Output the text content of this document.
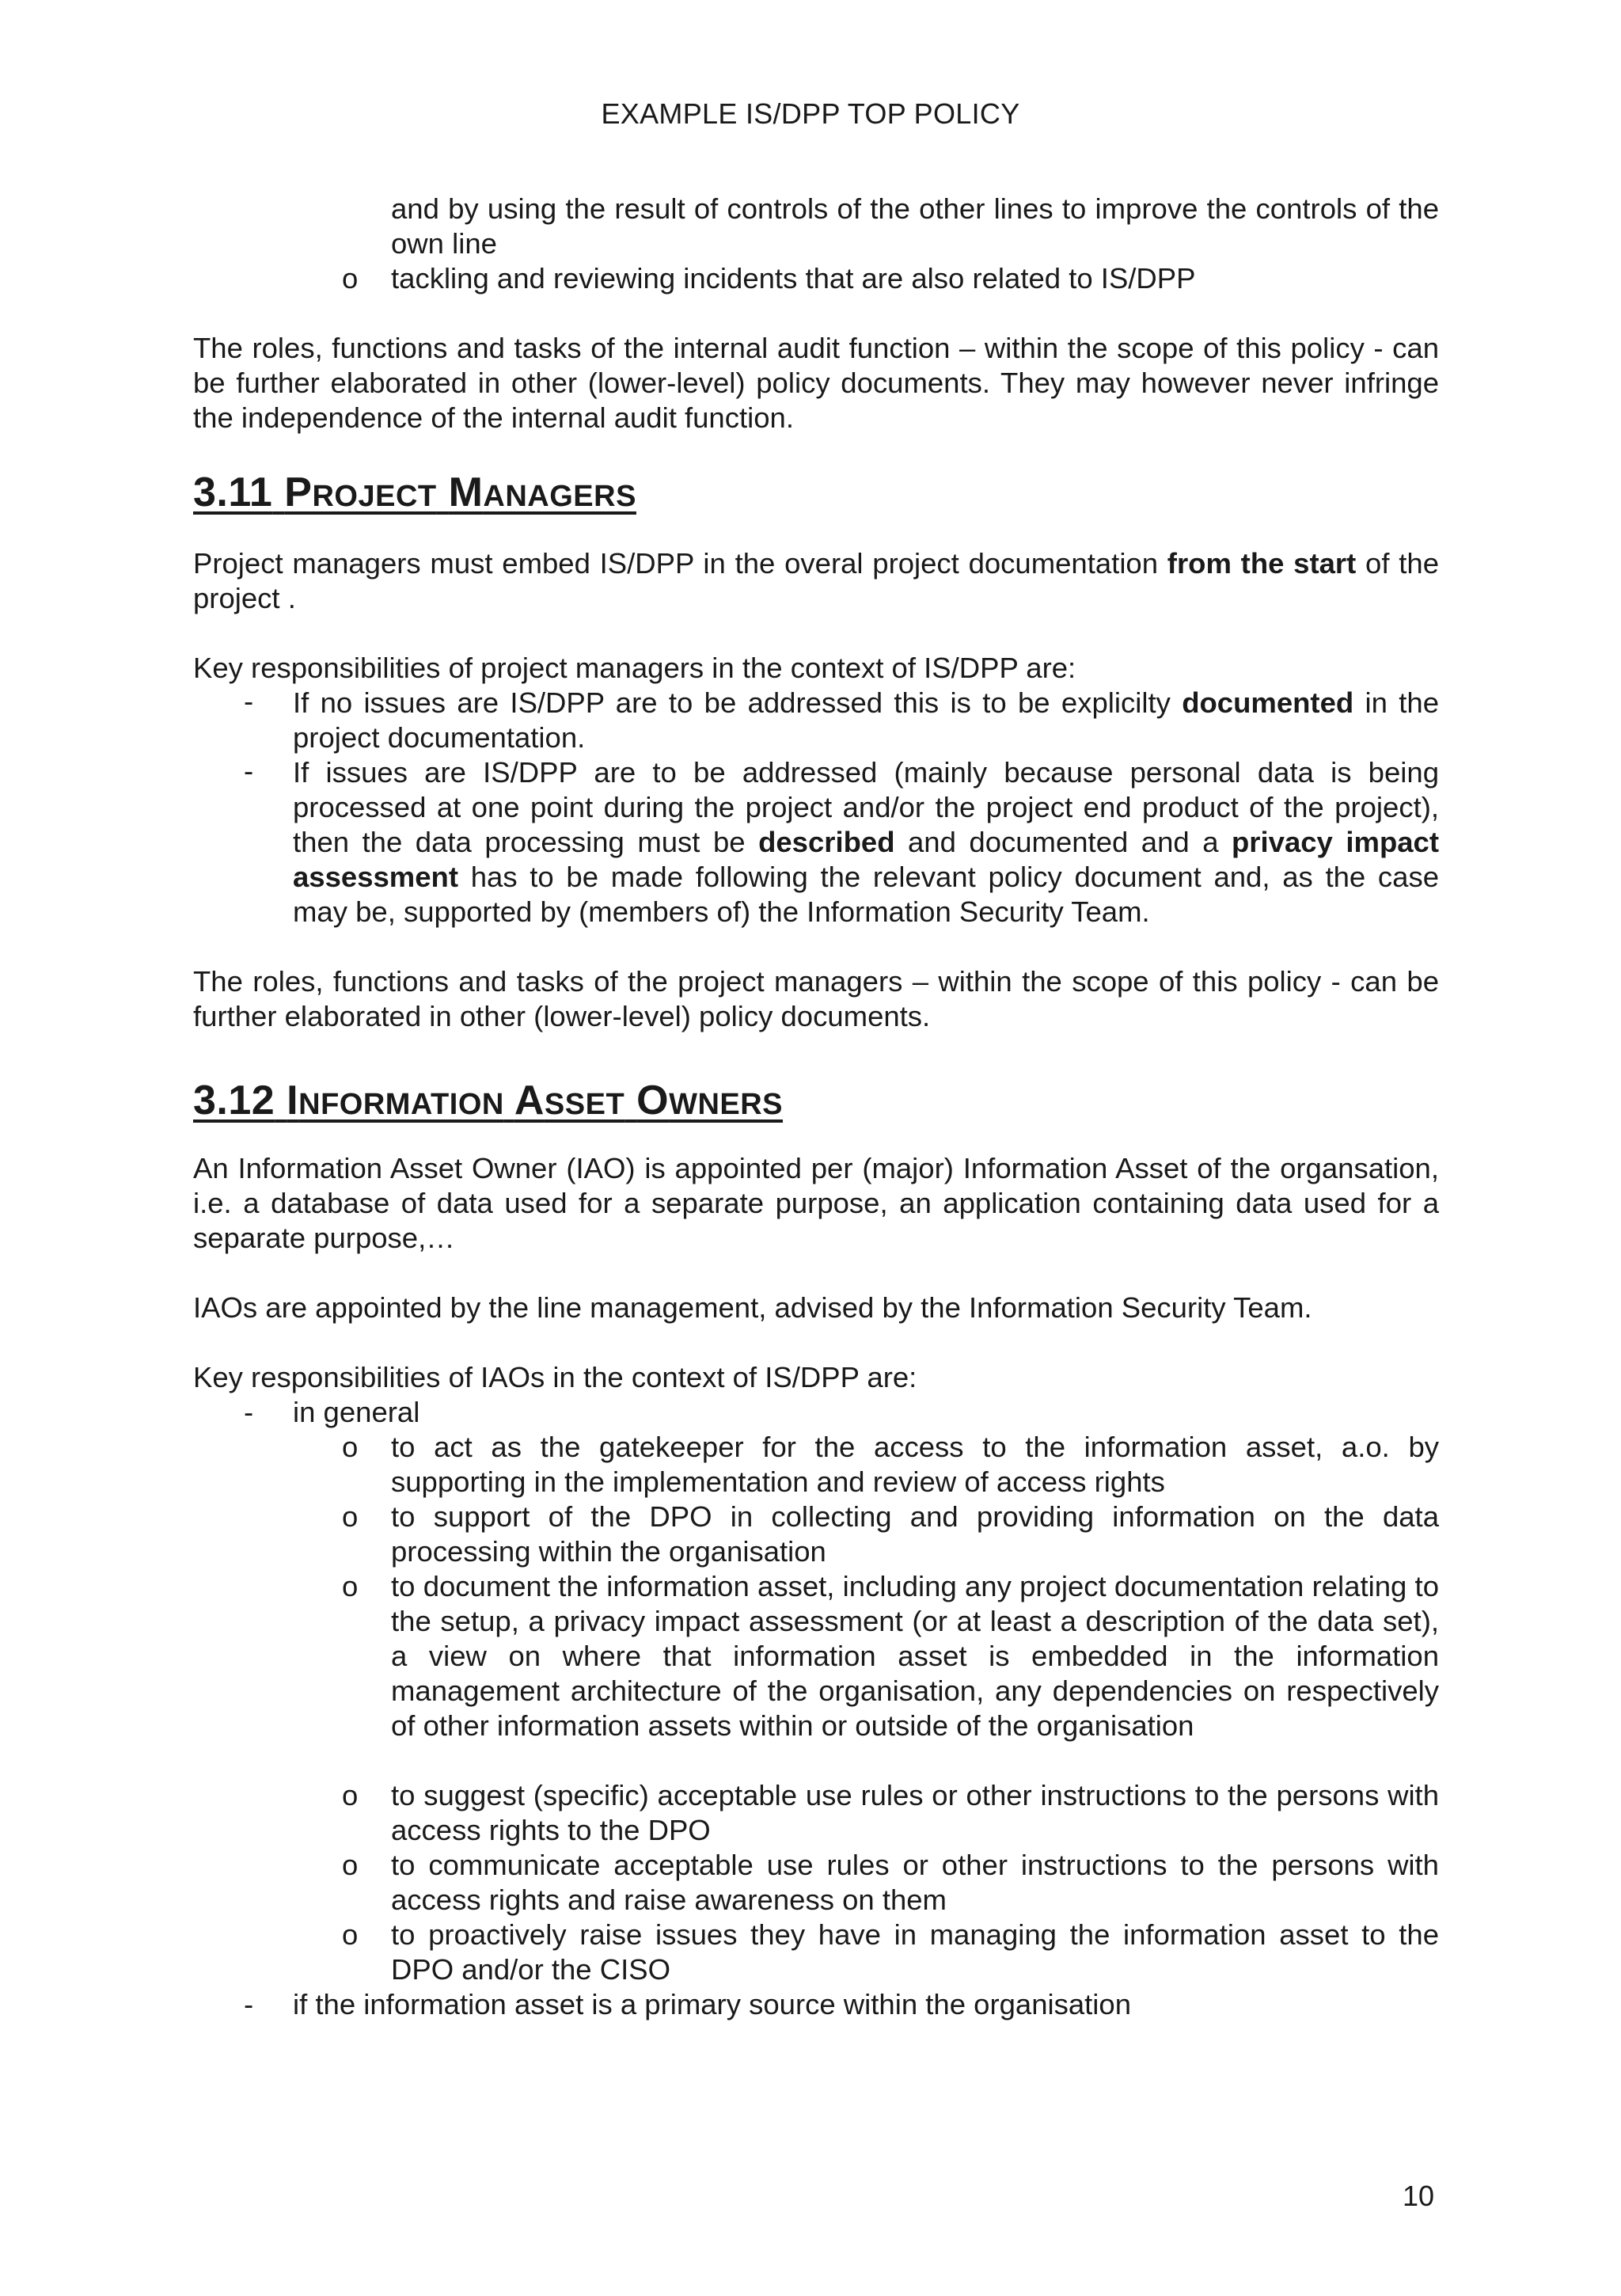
EXAMPLE IS/DPP TOP POLICY
and by using the result of controls of the other lines to improve the controls of the own line
o tackling and reviewing incidents that are also related to IS/DPP

The roles, functions and tasks of the internal audit function – within the scope of this policy - can be further elaborated in other (lower-level) policy documents. They may however never infringe the independence of the internal audit function.

3.11 PROJECT MANAGERS

Project managers must embed IS/DPP in the overal project documentation from the start of the project .

Key responsibilities of project managers in the context of IS/DPP are:

- If no issues are IS/DPP are to be addressed this is to be explicilty documented in the project documentation.
- If issues are IS/DPP are to be addressed (mainly because personal data is being processed at one point during the project and/or the project end product of the project), then the data processing must be described and documented and a privacy impact assessment has to be made following the relevant policy document and, as the case may be, supported by (members of) the Information Security Team.

The roles, functions and tasks of the project managers – within the scope of this policy - can be further elaborated in other (lower-level) policy documents.

3.12 INFORMATION ASSET OWNERS

An Information Asset Owner (IAO) is appointed per (major) Information Asset of the organsation, i.e. a database of data used for a separate purpose, an application containing data used for a separate purpose,…

IAOs are appointed by the line management, advised by the Information Security Team.

Key responsibilities of IAOs in the context of IS/DPP are:

- in general
o to act as the gatekeeper for the access to the information asset, a.o. by supporting in the implementation and review of access rights
o to support of the DPO in collecting and providing information on the data processing within the organisation
o to document the information asset, including any project documentation relating to the setup, a privacy impact assessment (or at least a description of the data set), a view on where that information asset is embedded in the information management architecture of the organisation, any dependencies on respectively of other information assets within or outside of the organisation
o to suggest (specific) acceptable use rules or other instructions to the persons with access rights to the DPO
o to communicate acceptable use rules or other instructions to the persons with access rights and raise awareness on them
o to proactively raise issues they have in managing the information asset to the DPO and/or the CISO
- if the information asset is a primary source within the organisation
10
